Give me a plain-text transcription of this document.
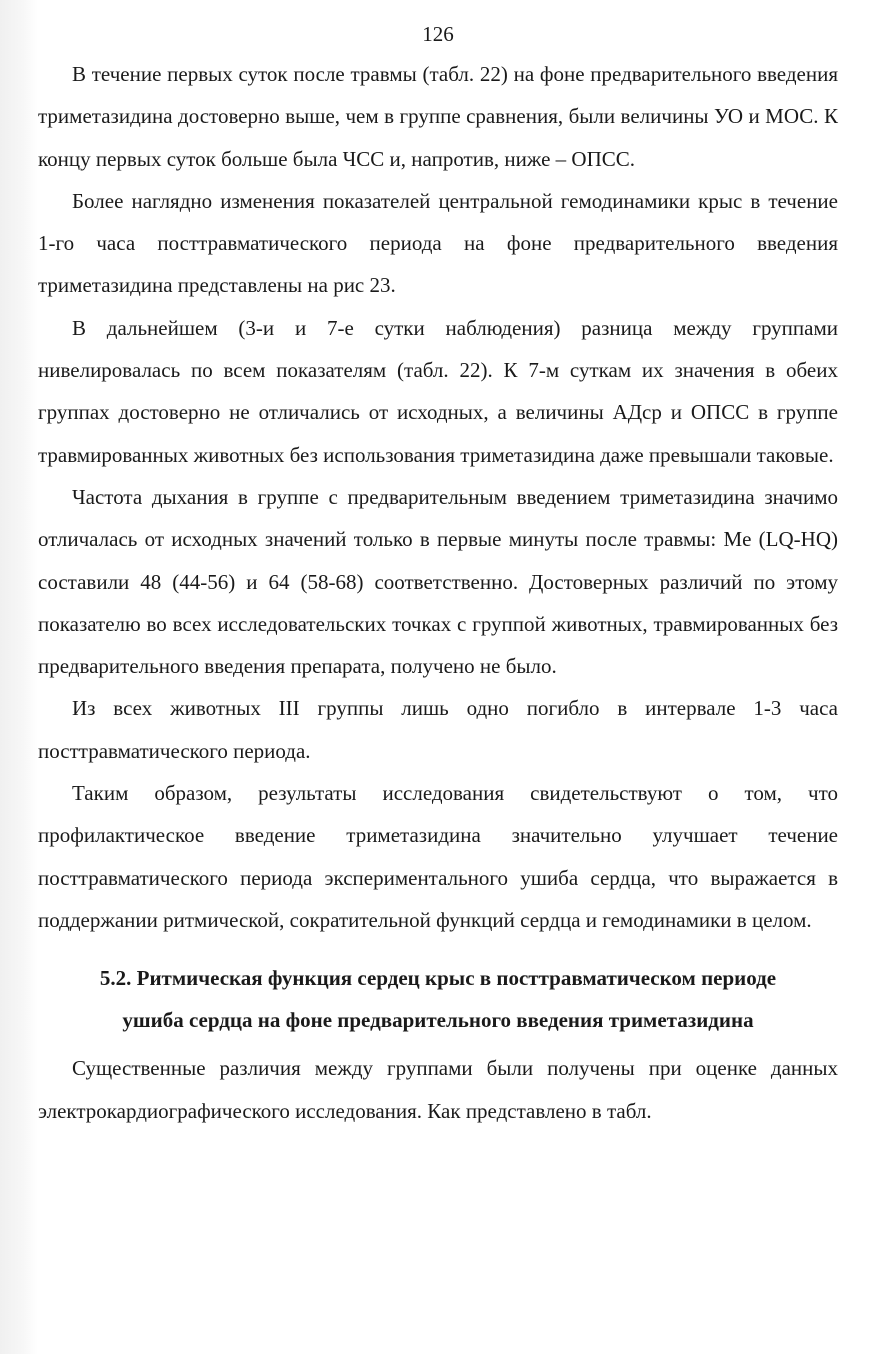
126

В течение первых суток после травмы (табл. 22) на фоне предварительного введения триметазидина достоверно выше, чем в группе сравнения, были величины УО и МОС. К концу первых суток больше была ЧСС и, напротив, ниже – ОПСС.

Более наглядно изменения показателей центральной гемодинамики крыс в течение 1-го часа посттравматического периода на фоне предварительного введения триметазидина представлены на рис 23.

В дальнейшем (3-и и 7-е сутки наблюдения) разница между группами нивелировалась по всем показателям (табл. 22). К 7-м суткам их значения в обеих группах достоверно не отличались от исходных, а величины АДср и ОПСС в группе травмированных животных без использования триметазидина даже превышали таковые.

Частота дыхания в группе с предварительным введением триметазидина значимо отличалась от исходных значений только в первые минуты после травмы: Me (LQ-HQ) составили 48 (44-56) и 64 (58-68) соответственно. Достоверных различий по этому показателю во всех исследовательских точках с группой животных, травмированных без предварительного введения препарата, получено не было.

Из всех животных III группы лишь одно погибло в интервале 1-3 часа посттравматического периода.

Таким образом, результаты исследования свидетельствуют о том, что профилактическое введение триметазидина значительно улучшает течение посттравматического периода экспериментального ушиба сердца, что выражается в поддержании ритмической, сократительной функций сердца и гемодинамики в целом.

5.2. Ритмическая функция сердец крыс в посттравматическом периоде
ушиба сердца на фоне предварительного введения триметазидина

Существенные различия между группами были получены при оценке данных электрокардиографического исследования. Как представлено в табл.
